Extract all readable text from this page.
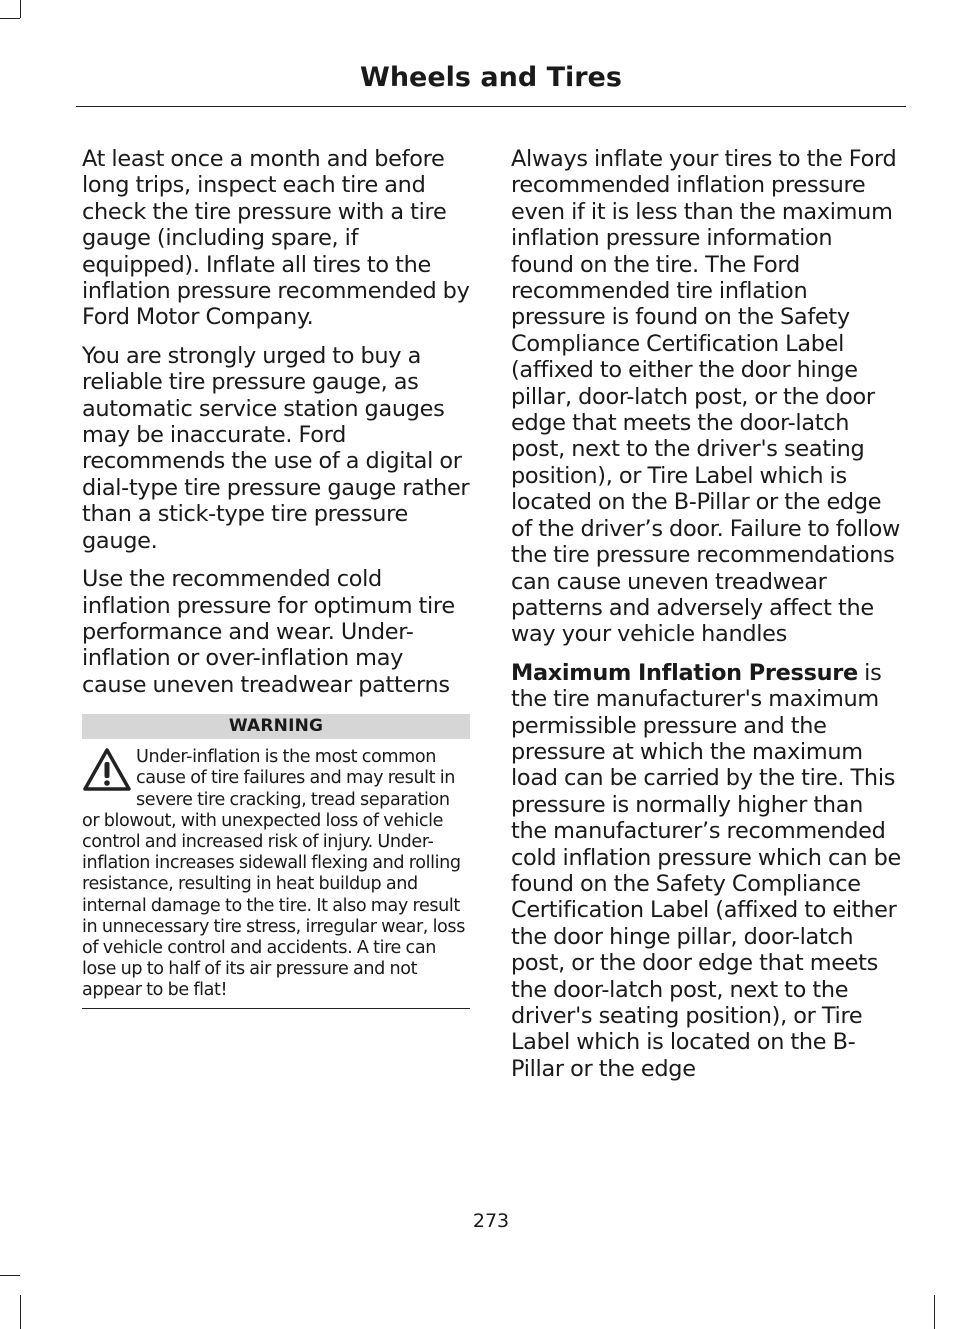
Wheels and Tires

At least once a month and before long trips, inspect each tire and check the tire pressure with a tire gauge (including spare, if equipped). Inflate all tires to the inflation pressure recommended by Ford Motor Company.

You are strongly urged to buy a reliable tire pressure gauge, as automatic service station gauges may be inaccurate. Ford recommends the use of a digital or dial-type tire pressure gauge rather than a stick-type tire pressure gauge.

Use the recommended cold inflation pressure for optimum tire performance and wear. Under-inflation or over-inflation may cause uneven treadwear patterns

WARNING

Under-inflation is the most common cause of tire failures and may result in severe tire cracking, tread separation or blowout, with unexpected loss of vehicle control and increased risk of injury. Under-inflation increases sidewall flexing and rolling resistance, resulting in heat buildup and internal damage to the tire. It also may result in unnecessary tire stress, irregular wear, loss of vehicle control and accidents. A tire can lose up to half of its air pressure and not appear to be flat!

Always inflate your tires to the Ford recommended inflation pressure even if it is less than the maximum inflation pressure information found on the tire. The Ford recommended tire inflation pressure is found on the Safety Compliance Certification Label (affixed to either the door hinge pillar, door-latch post, or the door edge that meets the door-latch post, next to the driver's seating position), or Tire Label which is located on the B-Pillar or the edge of the driver’s door. Failure to follow the tire pressure recommendations can cause uneven treadwear patterns and adversely affect the way your vehicle handles

Maximum Inflation Pressure is the tire manufacturer's maximum permissible pressure and the pressure at which the maximum load can be carried by the tire. This pressure is normally higher than the manufacturer’s recommended cold inflation pressure which can be found on the Safety Compliance Certification Label (affixed to either the door hinge pillar, door-latch post, or the door edge that meets the door-latch post, next to the driver's seating position), or Tire Label which is located on the B-Pillar or the edge

273
